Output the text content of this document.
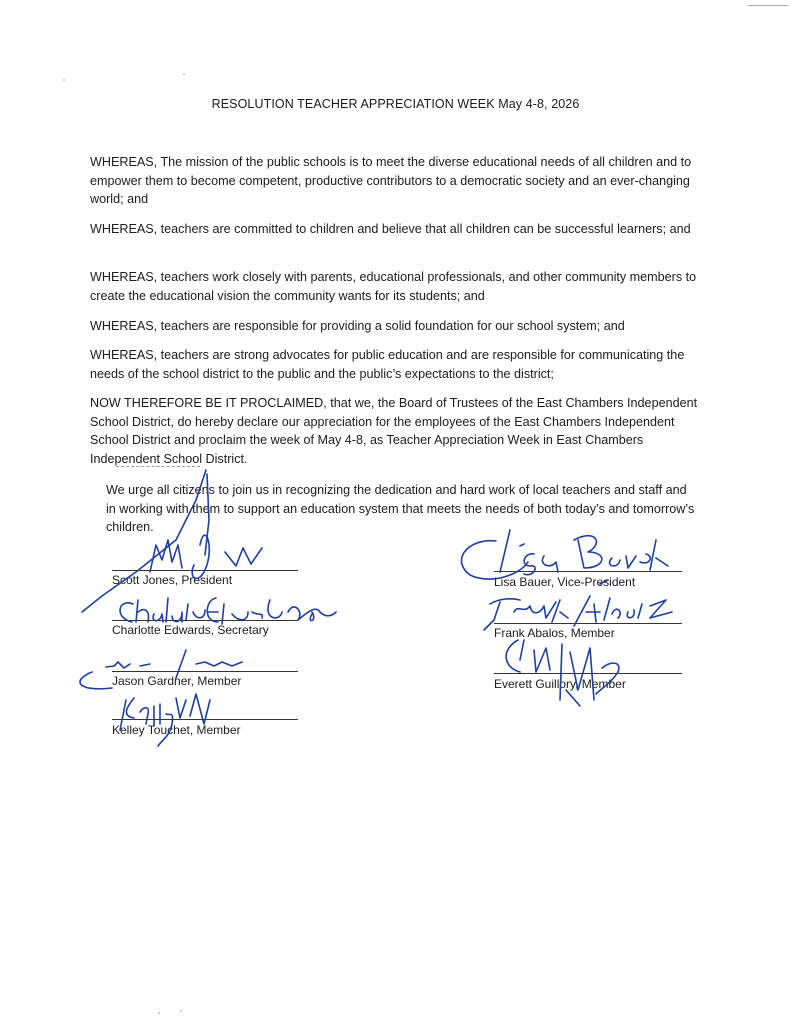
RESOLUTION TEACHER APPRECIATION WEEK May 4-8, 2026

WHEREAS, The mission of the public schools is to meet the diverse educational needs of all children and to empower them to become competent, productive contributors to a democratic society and an ever-changing world; and

WHEREAS, teachers are committed to children and believe that all children can be successful learners; and

WHEREAS, teachers work closely with parents, educational professionals, and other community members to create the educational vision the community wants for its students; and

WHEREAS, teachers are responsible for providing a solid foundation for our school system; and

WHEREAS, teachers are strong advocates for public education and are responsible for communicating the needs of the school district to the public and the public’s expectations to the district;

NOW THEREFORE BE IT PROCLAIMED, that we, the Board of Trustees of the East Chambers Independent School District, do hereby declare our appreciation for the employees of the East Chambers Independent School District and proclaim the week of May 4-8, as Teacher Appreciation Week in East Chambers Independent School District.

We urge all citizens to join us in recognizing the dedication and hard work of local teachers and staff and in working with them to support an education system that meets the needs of both today’s and tomorrow’s children.

Scott Jones, President
Charlotte Edwards, Secretary
Jason Gardner, Member
Kelley Touchet, Member
Lisa Bauer, Vice-President
Frank Abalos, Member
Everett Guillory, Member
